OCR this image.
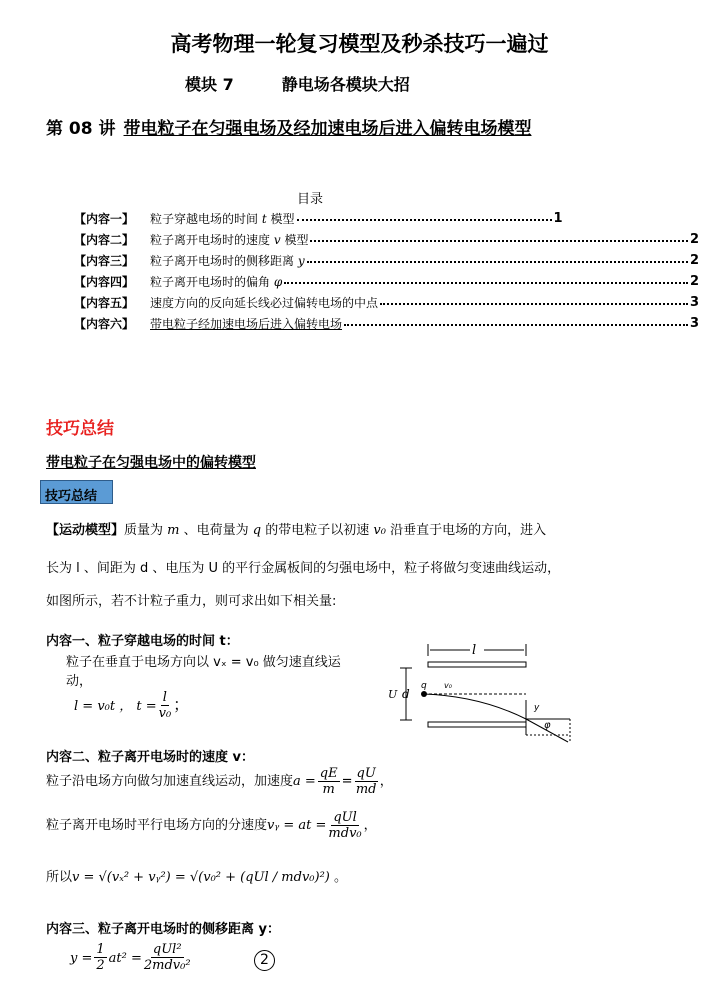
高考物理一轮复习模型及秒杀技巧一遍过
模块 7	静电场各模块大招
第 08 讲 带电粒子在匀强电场及经加速电场后进入偏转电场模型
目录
【内容一】	粒子穿越电场的时间 t 模型	1
【内容二】	粒子离开电场时的速度 v 模型	2
【内容三】	粒子离开电场时的侧移距离 y	2
【内容四】	粒子离开电场时的偏角 φ	2
【内容五】	速度方向的反向延长线必过偏转电场的中点	3
【内容六】	带电粒子经加速电场后进入偏转电场	3
技巧总结
带电粒子在匀强电场中的偏转模型
技巧总结
【运动模型】质量为 m 、电荷量为 q 的带电粒子以初速 v₀ 沿垂直于电场的方向，进入
长为 l 、间距为 d 、电压为 U 的平行金属板间的匀强电场中，粒子将做匀变速曲线运动，
如图所示，若不计粒子重力，则可求出如下相关量:
内容一、粒子穿越电场的时间 t：
粒子在垂直于电场方向以 vₓ = v₀ 做匀速直线运动，
l = v₀t ， $t = \frac{l}{\text{v₀}}$ ；
l
U d
q v₀
y
φ
内容二、粒子离开电场时的速度 v：
粒子沿电场方向做匀加速直线运动，加速度$a = \frac{qE}{m} = \frac{qU}{md}$ ，
粒子离开电场时平行电场方向的分速度vᵧ = at = $\frac{\text{qUl}}{\text{mdv₀}}$ ，
所以v = √(vₓ² + vᵧ²) = √(v₀² + (qUl / mdv₀)²) 。
内容三、粒子离开电场时的侧移距离 y：
$y = \frac{1}{2} at^2 = \frac{\text{qUl²}}{\text{2mdv₀²}}$	2
